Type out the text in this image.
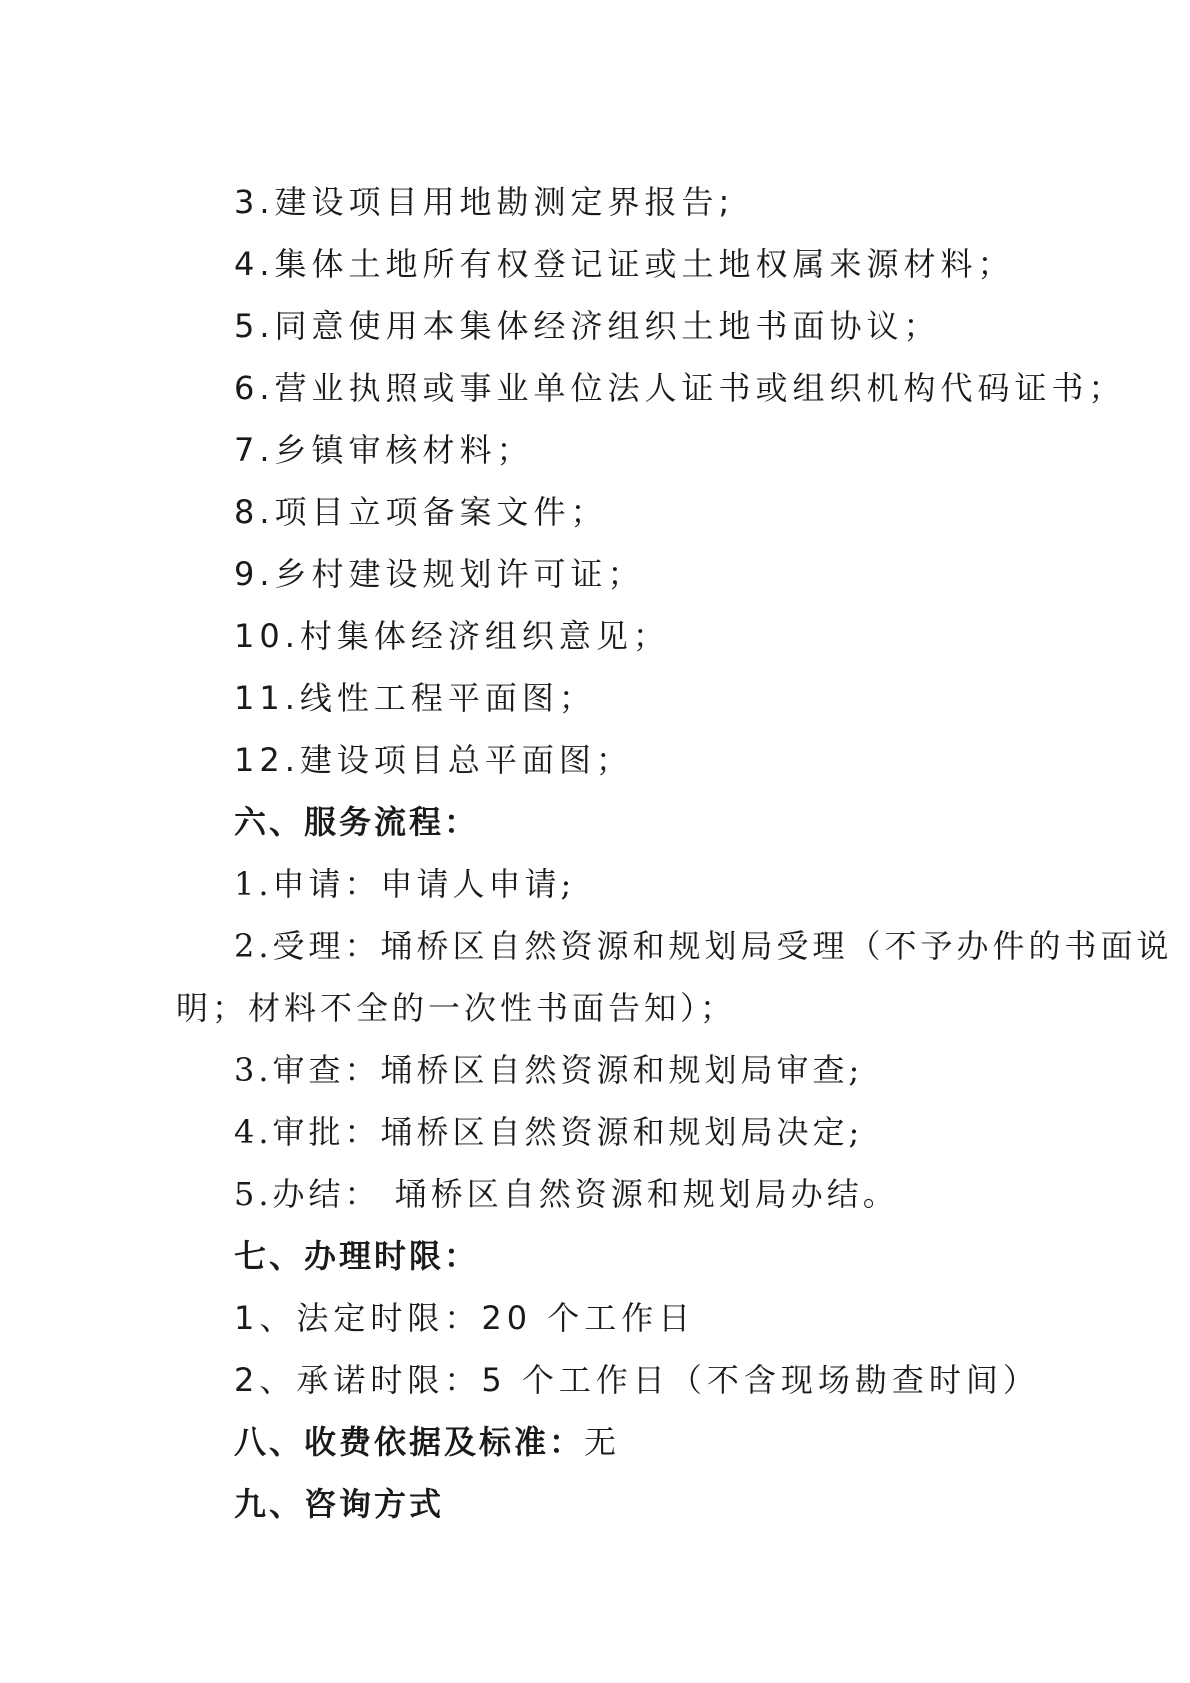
3.建设项目用地勘测定界报告;
4.集体土地所有权登记证或土地权属来源材料；
5.同意使用本集体经济组织土地书面协议；
6.营业执照或事业单位法人证书或组织机构代码证书；
7.乡镇审核材料；
8.项目立项备案文件；
9.乡村建设规划许可证；
10.村集体经济组织意见；
11.线性工程平面图；
12.建设项目总平面图；
六、服务流程：
1.申请：申请人申请;
2.受理：埇桥区自然资源和规划局受理（不予办件的书面说
明；材料不全的一次性书面告知）；
3.审查：埇桥区自然资源和规划局审查;
4.审批：埇桥区自然资源和规划局决定;
5.办结： 埇桥区自然资源和规划局办结。
七、办理时限：
1、法定时限：20 个工作日
2、承诺时限：5 个工作日（不含现场勘查时间）
八、收费依据及标准：无
九、咨询方式
